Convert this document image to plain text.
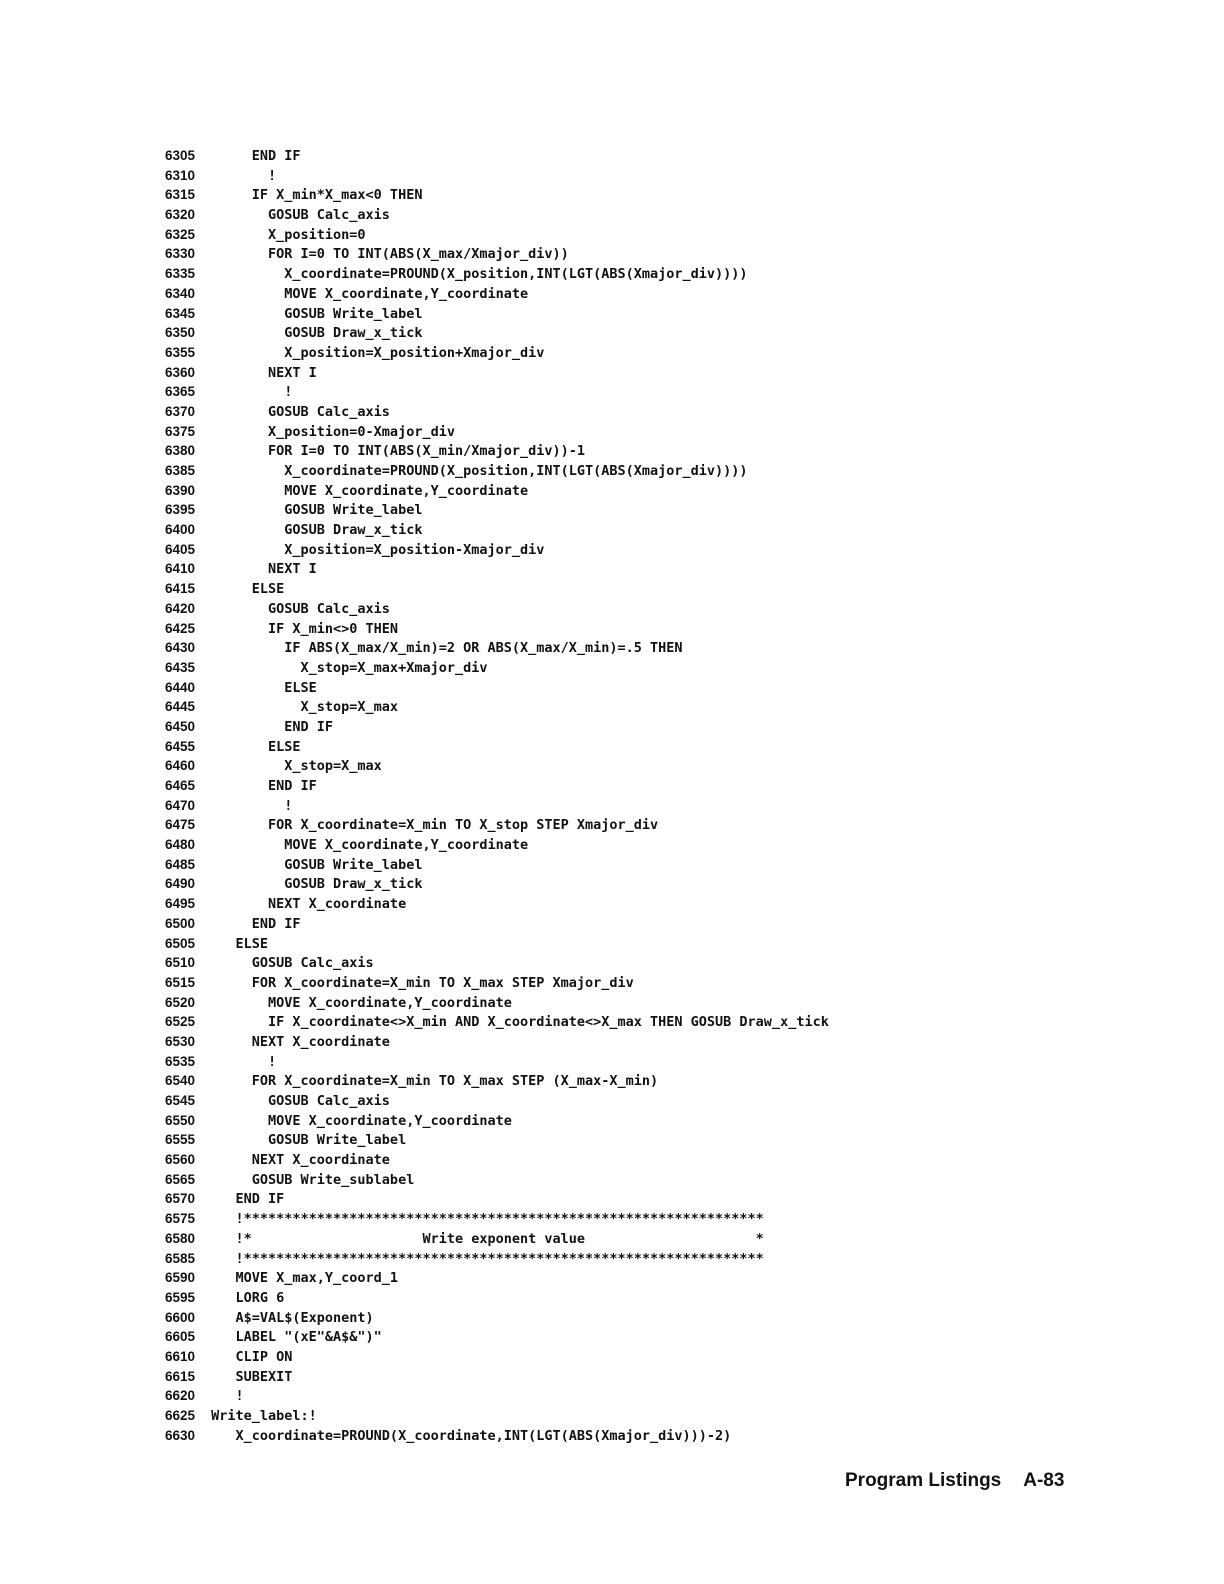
6305      END IF
6310        !
6315      IF X_min*X_max<0 THEN
6320        GOSUB Calc_axis
6325        X_position=0
6330        FOR I=0 TO INT(ABS(X_max/Xmajor_div))
6335          X_coordinate=PROUND(X_position,INT(LGT(ABS(Xmajor_div))))
6340          MOVE X_coordinate,Y_coordinate
6345          GOSUB Write_label
6350          GOSUB Draw_x_tick
6355          X_position=X_position+Xmajor_div
6360        NEXT I
6365          !
6370        GOSUB Calc_axis
6375        X_position=0-Xmajor_div
6380        FOR I=0 TO INT(ABS(X_min/Xmajor_div))-1
6385          X_coordinate=PROUND(X_position,INT(LGT(ABS(Xmajor_div))))
6390          MOVE X_coordinate,Y_coordinate
6395          GOSUB Write_label
6400          GOSUB Draw_x_tick
6405          X_position=X_position-Xmajor_div
6410        NEXT I
6415      ELSE
6420        GOSUB Calc_axis
6425        IF X_min<>0 THEN
6430          IF ABS(X_max/X_min)=2 OR ABS(X_max/X_min)=.5 THEN
6435            X_stop=X_max+Xmajor_div
6440          ELSE
6445            X_stop=X_max
6450          END IF
6455        ELSE
6460          X_stop=X_max
6465        END IF
6470          !
6475        FOR X_coordinate=X_min TO X_stop STEP Xmajor_div
6480          MOVE X_coordinate,Y_coordinate
6485          GOSUB Write_label
6490          GOSUB Draw_x_tick
6495        NEXT X_coordinate
6500      END IF
6505    ELSE
6510      GOSUB Calc_axis
6515      FOR X_coordinate=X_min TO X_max STEP Xmajor_div
6520        MOVE X_coordinate,Y_coordinate
6525        IF X_coordinate<>X_min AND X_coordinate<>X_max THEN GOSUB Draw_x_tick
6530      NEXT X_coordinate
6535        !
6540      FOR X_coordinate=X_min TO X_max STEP (X_max-X_min)
6545        GOSUB Calc_axis
6550        MOVE X_coordinate,Y_coordinate
6555        GOSUB Write_label
6560      NEXT X_coordinate
6565      GOSUB Write_sublabel
6570    END IF
6575    !****************************************************************
6580    !*                     Write exponent value                     *
6585    !****************************************************************
6590    MOVE X_max,Y_coord_1
6595    LORG 6
6600    A$=VAL$(Exponent)
6605    LABEL "(xE"&A$&")"
6610    CLIP ON
6615    SUBEXIT
6620    !
6625 Write_label:!
6630    X_coordinate=PROUND(X_coordinate,INT(LGT(ABS(Xmajor_div)))-2)
Program Listings A-83
